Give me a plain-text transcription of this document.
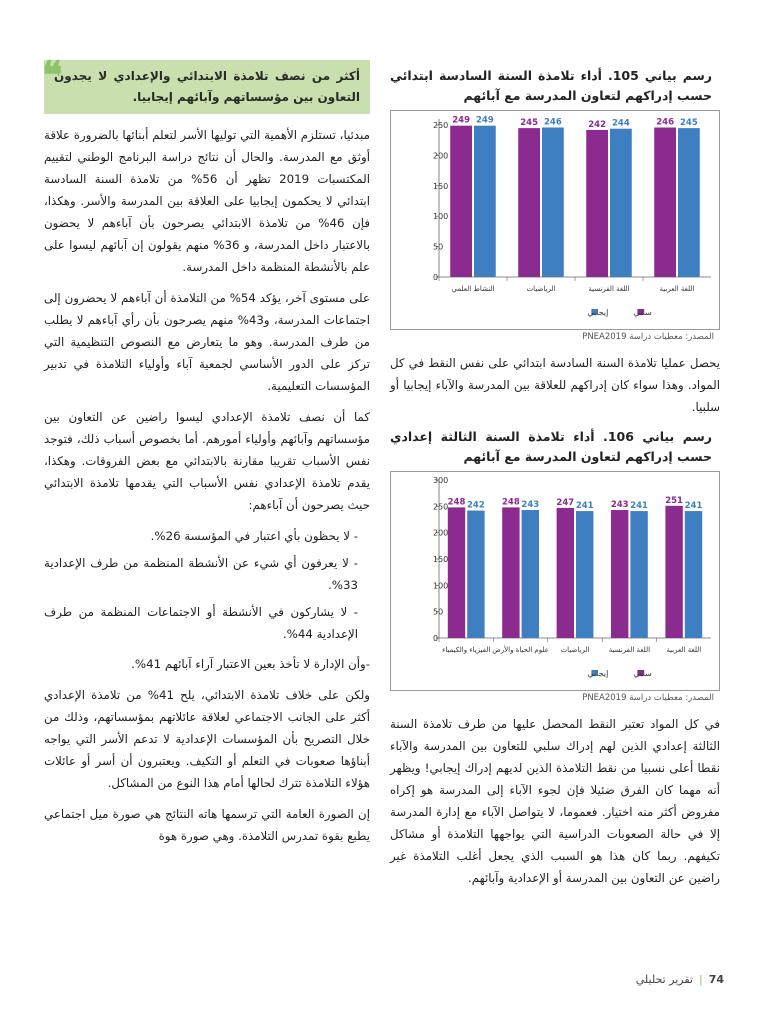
رسم بياني 105. أداء تلامذة السنة السادسة ابتدائي حسب إدراكهم لتعاون المدرسة مع آبائهم
0
50
100
150
200
250	246 245
اللغة العربية
242 244
اللغة الفرنسية
245 246
الرياضيات
249 249
النشاط العلمي
سلبي
إيجابي
المصدر: معطيات دراسة PNEA2019

يحصل عمليا تلامذة السنة السادسة ابتدائي على نفس النقط في كل المواد. وهذا سواء كان إدراكهم للعلاقة بين المدرسة والآباء إيجابيا أو سلبيا.

رسم بياني 106. أداء تلامذة السنة الثالثة إعدادي حسب إدراكهم لتعاون المدرسة مع آبائهم
0
50
100
150
200
250
300
251
241
اللغة العربية
243 241
اللغة الفرنسية
247 241
الرياضيات
248 243
علوم الحياة والأرض
248 242
الفيزياء والكيمياء
سلبي
إيجابي
المصدر: معطيات دراسة PNEA2019

في كل المواد تعتبر النقط المحصل عليها من طرف تلامذة السنة الثالثة إعدادي الذين لهم إدراك سلبي للتعاون بين المدرسة والآباء نقطا أعلى نسبيا من نقط التلامذة الذين لديهم إدراك إيجابي! ويظهر أنه مهما كان الفرق ضئيلا فإن لجوء الآباء إلى المدرسة هو إكراه مفروض أكثر منه اختيار. فعموما، لا يتواصل الآباء مع إدارة المدرسة إلا في حالة الصعوبات الدراسية التي يواجهها التلامذة أو مشاكل تكيفهم. ربما كان هذا هو السبب الذي يجعل أغلب التلامذة غير راضين عن التعاون بين المدرسة أو الإعدادية وآبائهم.

❝
أكثر من نصف تلامذة الابتدائي والإعدادي لا يجدون التعاون بين مؤسساتهم وآبائهم إيجابيا.

مبدئيا، تستلزم الأهمية التي توليها الأسر لتعلم أبنائها بالضرورة علاقة أوثق مع المدرسة. والحال أن نتائج دراسة البرنامج الوطني لتقييم المكتسبات 2019 تظهر أن 56% من تلامذة السنة السادسة ابتدائي لا يحكمون إيجابيا على العلاقة بين المدرسة والأسر. وهكذا، فإن 46% من تلامذة الابتدائي يصرحون بأن آباءهم لا يحضون بالاعتبار داخل المدرسة، و 36% منهم يقولون إن آبائهم ليسوا على علم بالأنشطة المنظمة داخل المدرسة.

على مستوى آخر، يؤكد 54% من التلامذة أن آباءهم لا يحضرون إلى اجتماعات المدرسة، و43% منهم يصرحون بأن رأي آباءهم لا يطلب من طرف المدرسة. وهو ما يتعارض مع النصوص التنظيمية التي تركز على الدور الأساسي لجمعية آباء وأولياء التلامذة في تدبير المؤسسات التعليمية.

كما أن نصف تلامذة الإعدادي ليسوا راضين عن التعاون بين مؤسساتهم وآبائهم وأولياء أمورهم. أما بخصوص أسباب ذلك، فتوجد نفس الأسباب تقريبا مقارنة بالابتدائي مع بعض الفروقات. وهكذا، يقدم تلامذة الإعدادي نفس الأسباب التي يقدمها تلامذة الابتدائي حيث يصرحون أن آباءهم:

- لا يحظون بأي اعتبار في المؤسسة 26%.
- لا يعرفون أي شيء عن الأنشطة المنظمة من طرف الإعدادية 33%.
- لا يشاركون في الأنشطة أو الاجتماعات المنظمة من طرف الإعدادية 44%.

-وأن الإدارة لا تأخذ بعين الاعتبار آراء آبائهم 41%.

ولكن على خلاف تلامذة الابتدائي، يلح 41% من تلامذة الإعدادي أكثر على الجانب الاجتماعي لعلاقة عائلاتهم بمؤسساتهم، وذلك من خلال التصريح بأن المؤسسات الإعدادية لا تدعم الأسر التي يواجه أبناؤها صعوبات في التعلم أو التكيف. ويعتبرون أن أسر أو عائلات هؤلاء التلامذة تترك لحالها أمام هذا النوع من المشاكل.

إن الصورة العامة التي ترسمها هاته النتائج هي صورة ميل اجتماعي يطبع بقوة تمدرس التلامذة. وهي صورة هوة

74|تقرير تحليلي
